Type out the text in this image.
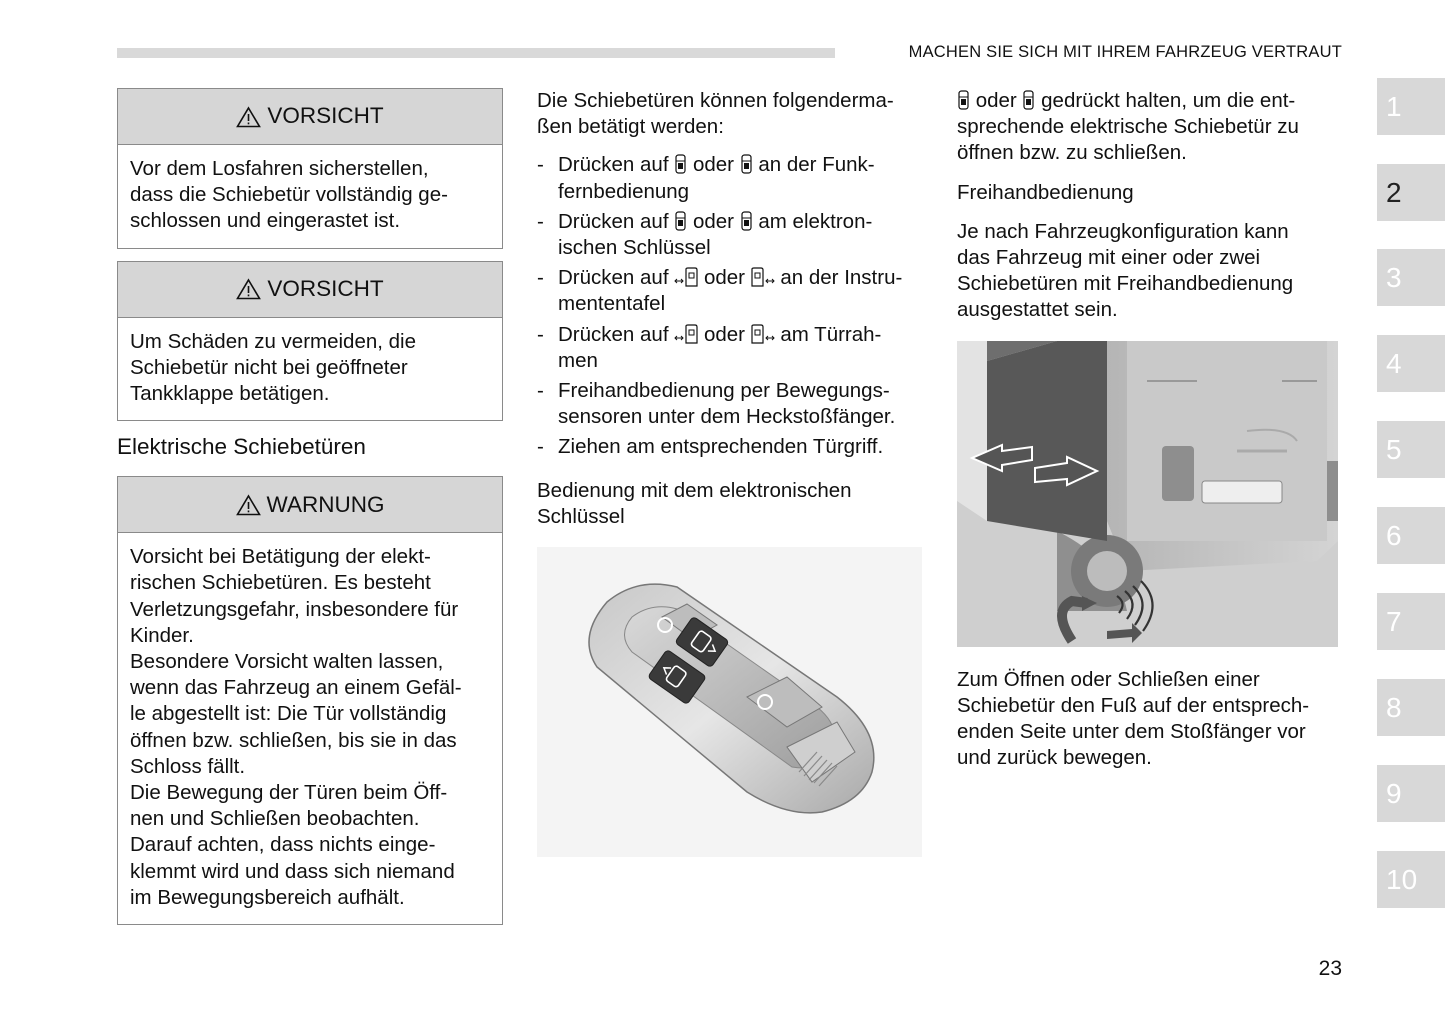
MACHEN SIE SICH MIT IHREM FAHRZEUG VERTRAUT
VORSICHT

Vor dem Losfahren sicherstellen,

dass die Schiebetür vollständig ge-

schlossen und eingerastet ist.

VORSICHT

Um Schäden zu vermeiden, die

Schiebetür nicht bei geöffneter

Tankklappe betätigen.

Elektrische Schiebetüren
WARNUNG

Vorsicht bei Betätigung der elekt-

rischen Schiebetüren. Es besteht

Verletzungsgefahr, insbesondere für

Kinder.

Besondere Vorsicht walten lassen,

wenn das Fahrzeug an einem Gefäl-

le abgestellt ist: Die Tür vollständig

öffnen bzw. schließen, bis sie in das

Schloss fällt.

Die Bewegung der Türen beim Öff-

nen und Schließen beobachten.

Darauf achten, dass nichts einge-

klemmt wird und dass sich niemand

im Bewegungsbereich aufhält.

Die Schiebetüren können folgenderma-

ßen betätigt werden:

- Drücken auf oder an der Funk-
fernbedienung
- Drücken auf oder am elektron-
ischen Schlüssel
- Drücken auf oder an der Instru-
mententafel
- Drücken auf oder am Türrah-
men
- Freihandbedienung per Bewegungs-
sensoren unter dem Heckstoßfänger.
- Ziehen am entsprechenden Türgriff.

Bedienung mit dem elektronischen

Schlüssel

oder gedrückt halten, um die ent-

sprechende elektrische Schiebetür zu

öffnen bzw. zu schließen.

Freihandbedienung

Je nach Fahrzeugkonfiguration kann

das Fahrzeug mit einer oder zwei

Schiebetüren mit Freihandbedienung

ausgestattet sein.

Zum Öffnen oder Schließen einer

Schiebetür den Fuß auf der entsprech-

enden Seite unter dem Stoßfänger vor

und zurück bewegen.

1
2
3
4
5
6
7
8
9
10
23
